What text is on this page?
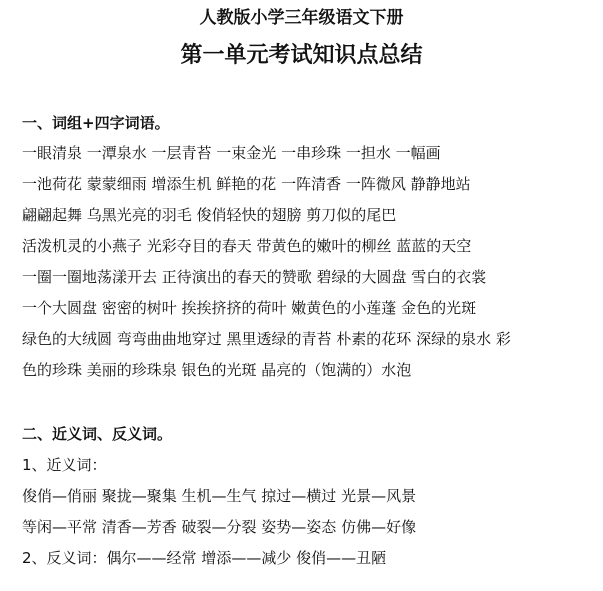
人教版小学三年级语文下册
第一单元考试知识点总结
一、词组+四字词语。
一眼清泉 一潭泉水 一层青苔 一束金光 一串珍珠 一担水 一幅画
一池荷花 蒙蒙细雨 增添生机 鲜艳的花 一阵清香 一阵微风 静静地站
翩翩起舞 乌黑光亮的羽毛 俊俏轻快的翅膀 剪刀似的尾巴
活泼机灵的小燕子 光彩夺目的春天 带黄色的嫩叶的柳丝 蓝蓝的天空
一圈一圈地荡漾开去 正待演出的春天的赞歌 碧绿的大圆盘 雪白的衣裳
一个大圆盘 密密的树叶 挨挨挤挤的荷叶 嫩黄色的小莲蓬 金色的光斑
绿色的大绒圆 弯弯曲曲地穿过 黑里透绿的青苔 朴素的花环 深绿的泉水 彩
色的珍珠 美丽的珍珠泉 银色的光斑 晶亮的（饱满的）水泡
二、近义词、反义词。
1、近义词：
俊俏—俏丽 聚拢—聚集 生机—生气 掠过—横过 光景—风景
等闲—平常 清香—芳香 破裂—分裂 姿势—姿态 仿佛—好像
2、反义词：偶尔——经常 增添——减少 俊俏——丑陋
